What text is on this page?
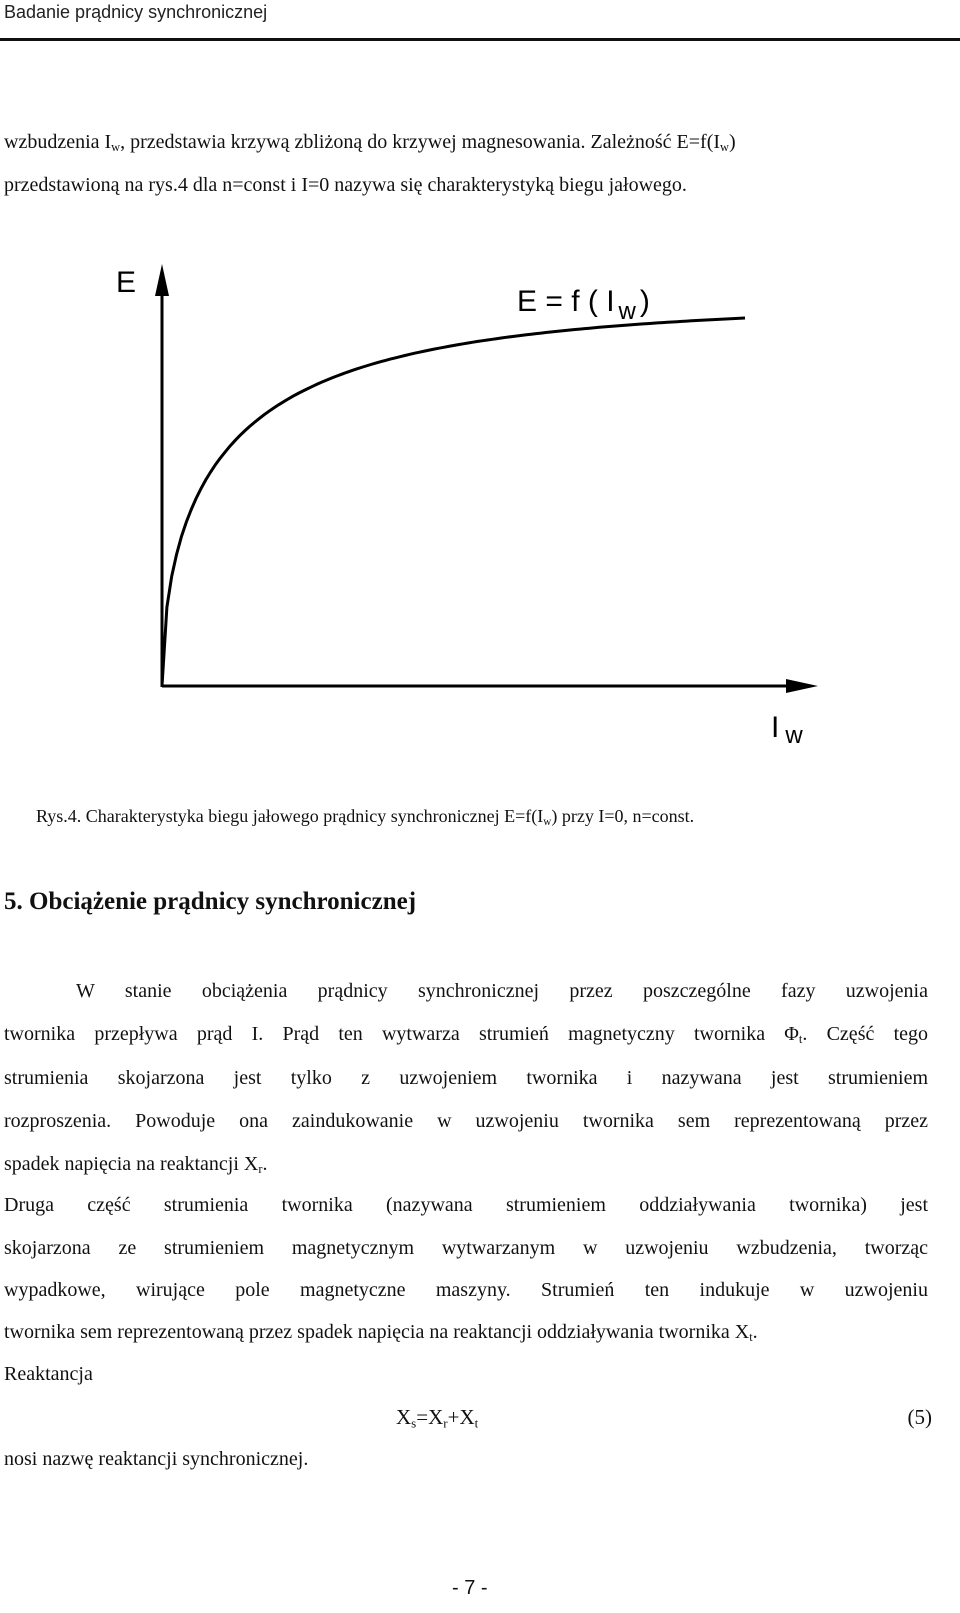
Badanie prądnicy synchronicznej
wzbudzenia $I_w$, przedstawia krzywą zbliżoną do krzywej magnesowania. Zależność $E=f(I_w)$
przedstawioną na rys.4 dla n=const i I=0 nazywa się charakterystyką biegu jałowego.
E
E = f ( I $_w$ )
I $_w$
Rys.4. Charakterystyka biegu jałowego prądnicy synchronicznej $E=f(I_w)$ przy I=0, n=const.
5. Obciążenie prądnicy synchronicznej
W stanie obciążenia prądnicy synchronicznej przez poszczególne fazy uzwojenia
twornika przepływa prąd I. Prąd ten wytwarza strumień magnetyczny twornika $\Phi_t$. Część tego
strumienia skojarzona jest tylko z uzwojeniem twornika i nazywana jest strumieniem
rozproszenia. Powoduje ona zaindukowanie w uzwojeniu twornika sem reprezentowaną przez
spadek napięcia na reaktancji $X_r$.
Druga część strumienia twornika (nazywana strumieniem oddziaływania twornika) jest
skojarzona ze strumieniem magnetycznym wytwarzanym w uzwojeniu wzbudzenia, tworząc
wypadkowe, wirujące pole magnetyczne maszyny. Strumień ten indukuje w uzwojeniu
twornika sem reprezentowaną przez spadek napięcia na reaktancji oddziaływania twornika $X_t$.
Reaktancja
$X_s=X_r+X_t$	(5)
nosi nazwę reaktancji synchronicznej.
- 7 -
